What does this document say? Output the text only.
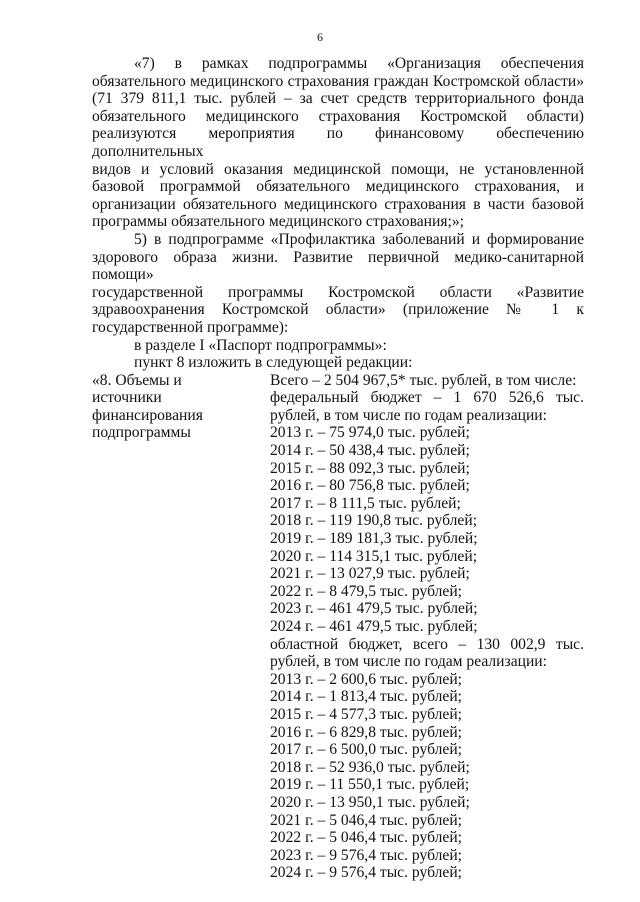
6
«7) в рамках подпрограммы «Организация обеспечения
обязательного медицинского страхования граждан Костромской области»
(71 379 811,1 тыс. рублей – за счет средств территориального фонда
обязательного медицинского страхования Костромской области)
реализуются мероприятия по финансовому обеспечению дополнительных
видов и условий оказания медицинской помощи, не установленной
базовой программой обязательного медицинского страхования, и
организации обязательного медицинского страхования в части базовой
программы обязательного медицинского страхования;»;
5) в подпрограмме «Профилактика заболеваний и формирование
здорового образа жизни. Развитие первичной медико-санитарной помощи»
государственной программы Костромской области «Развитие
здравоохранения Костромской области» (приложение № 1 к
государственной программе):

в разделе I «Паспорт подпрограммы»:

пункт 8 изложить в следующей редакции:

«8. Объемы и
источники
финансирования
подпрограммы
Всего – 2 504 967,5* тыс. рублей, в том числе:
федеральный бюджет – 1 670 526,6 тыс.
рублей, в том числе по годам реализации:
2013 г. – 75 974,0 тыс. рублей;
2014 г. – 50 438,4 тыс. рублей;
2015 г. – 88 092,3 тыс. рублей;
2016 г. – 80 756,8 тыс. рублей;
2017 г. – 8 111,5 тыс. рублей;
2018 г. – 119 190,8 тыс. рублей;
2019 г. – 189 181,3 тыс. рублей;
2020 г. – 114 315,1 тыс. рублей;
2021 г. – 13 027,9 тыс. рублей;
2022 г. – 8 479,5 тыс. рублей;
2023 г. – 461 479,5 тыс. рублей;
2024 г. – 461 479,5 тыс. рублей;
областной бюджет, всего – 130 002,9 тыс.
рублей, в том числе по годам реализации:
2013 г. – 2 600,6 тыс. рублей;
2014 г. – 1 813,4 тыс. рублей;
2015 г. – 4 577,3 тыс. рублей;
2016 г. – 6 829,8 тыс. рублей;
2017 г. – 6 500,0 тыс. рублей;
2018 г. – 52 936,0 тыс. рублей;
2019 г. – 11 550,1 тыс. рублей;
2020 г. – 13 950,1 тыс. рублей;
2021 г. – 5 046,4 тыс. рублей;
2022 г. – 5 046,4 тыс. рублей;
2023 г. – 9 576,4 тыс. рублей;
2024 г. – 9 576,4 тыс. рублей;
